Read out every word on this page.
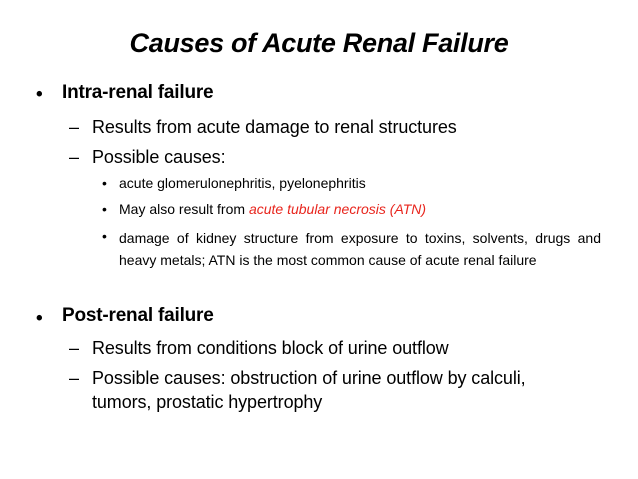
Causes of Acute Renal Failure
• Intra-renal failure
– Results from acute damage to renal structures
– Possible causes:
• acute glomerulonephritis, pyelonephritis
• May also result from acute tubular necrosis (ATN)
• damage of kidney structure from exposure to toxins, solvents, drugs and heavy metals; ATN is the most common cause of acute renal failure
• Post-renal failure
– Results from conditions block of urine outflow
– Possible causes: obstruction of urine outflow by calculi,
tumors, prostatic hypertrophy
